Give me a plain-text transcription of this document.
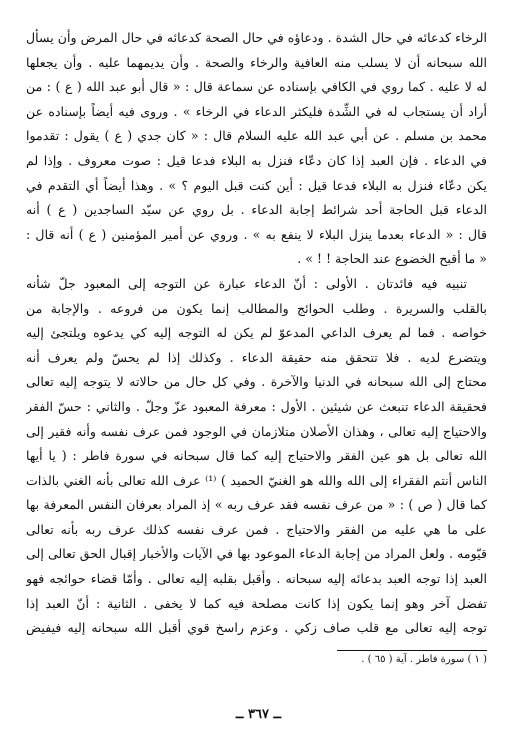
الرخاء كدعائه في حال الشدة . ودعاؤه في حال الصحة كدعائه في حال المرض وأن يسأل
الله سبحانه أن لا يسلب منه العافية والرخاء والصحة . وأن يديمهما عليه . وأن يجعلها
له لا عليه . كما روي في الكافي بإسناده عن سماعة قال : « قال أبو عبد الله ( ع ) : من
أراد أن يستجاب له في الشِّدة فليكثر الدعاء في الرخاء » . وروى فيه أيضاً بإسناده عن
محمد بن مسلم . عن أبي عبد الله عليه السلام قال : « كان جدي ( ع ) يقول : تقدموا
في الدعاء . فإن العبد إذا كان دعّاء فنزل به البلاء فدعا قيل : صوت معروف . وإذا لم
يكن دعّاء فنزل به البلاء فدعا قيل : أين كنت قبل اليوم ؟ » . وهذا أيضاً أي التقدم في
الدعاء قبل الحاجة أحد شرائط إجابة الدعاء . بل روي عن سيّد الساجدين ( ع ) أنه
قال : « الدعاء بعدما ينزل البلاء لا ينفع به » . وروي عن أمير المؤمنين ( ع ) أنه قال :
« ما أقبح الخضوع عند الحاجة ! ! » .
تنبيه فيه فائدتان . الأولى : أنّ الدعاء عبارة عن التوجه إلى المعبود جلّ شأنه
بالقلب والسريرة . وطلب الحوائج والمطالب إنما يكون من فروعه . والإجابة من
خواصه . فما لم يعرف الداعي المدعوّ لم يكن له التوجه إليه كي يدعوه ويلتجئ إليه
ويتضرع لديه . فلا تتحقق منه حقيقة الدعاء . وكذلك إذا لم يحسّ ولم يعرف أنه
محتاج إلى الله سبحانه في الدنيا والآخرة . وفي كل حال من حالاته لا يتوجه إليه تعالى
فحقيقة الدعاء تنبعث عن شيئين . الأول : معرفة المعبود عزّ وجلّ . والثاني : حسّ الفقر
والاحتياج إليه تعالى ، وهذان الأصلان متلازمان في الوجود فمن عرف نفسه وأنه فقير إلى
الله تعالى بل هو عين الفقر والاحتياج إليه كما قال سبحانه في سورة فاطر : ( يا أيها
الناس أنتم الفقراء إلى الله والله هو الغنيّ الحميد ) ⁽¹⁾ عرف الله تعالى بأنه الغني بالذات
كما قال ( ص ) : « من عرف نفسه فقد عرف ربه » إذ المراد بعرفان النفس المعرفة بها
على ما هي عليه من الفقر والاحتياج . فمن عرف نفسه كذلك عرف ربه بأنه تعالى
قيّومه . ولعل المراد من إجابة الدعاء الموعود بها في الآيات والأخبار إقبال الحق تعالى إلى
العبد إذا توجه العبد بدعائه إليه سبحانه . وأقبل بقلبه إليه تعالى . وأمّا قضاء حوائجه فهو
تفضل آخر وهو إنما يكون إذا كانت مصلحة فيه كما لا يخفى . الثانية : أنّ العبد إذا
توجه إليه تعالى مع قلب صاف زكي . وعزم راسخ قوي أقبل الله سبحانه إليه فيفيض
( ١ ) سورة فاطر . آية ( ٦٥ ) .
ــ ٣٦٧ ــ
